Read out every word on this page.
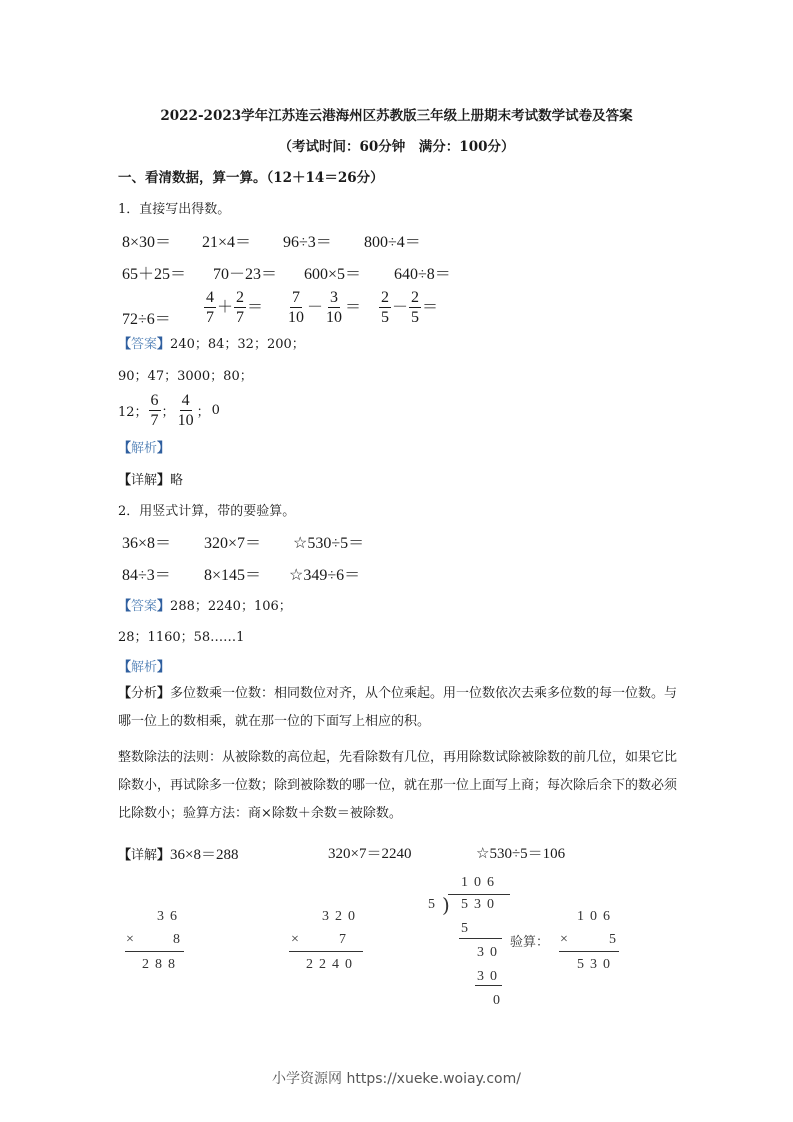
2022-2023学年江苏连云港海州区苏教版三年级上册期末考试数学试卷及答案
（考试时间：60分钟　满分：100分）
一、看清数据，算一算。（12＋14＝26分）
1．直接写出得数。
8×30＝ 21×4＝ 96÷3＝ 800÷4＝
65＋25＝ 70－23＝ 600×5＝ 640÷8＝
$72\div 6= \frac{4}{7} + \frac{2}{7} = \frac{7}{10} - \frac{3}{10} = \frac{2}{5} - \frac{2}{5}$ ＝
【答案】240；84；32；200；
90；47；3000；80；
12； $\frac{6}{7}$ ； $\frac{4}{10}$ ； 0
【解析】
【详解】略
2．用竖式计算，带的要验算。
36×8＝ 320×7＝ ☆530÷5＝
84÷3＝ 8×145＝ ☆349÷6＝
【答案】288；2240；106；
28；1160；58……1
【解析】
【分析】多位数乘一位数：相同数位对齐，从个位乘起。用一位数依次去乘多位数的每一位数。与哪一位上的数相乘，就在那一位的下面写上相应的积。
整数除法的法则：从被除数的高位起，先看除数有几位，再用除数试除被除数的前几位，如果它比除数小，再试除多一位数；除到被除数的哪一位，就在那一位上面写上商；每次除后余下的数必须比除数小；验算方法：商×除数＋余数＝被除数。
【详解】36×8＝288	320×7＝2240	☆530÷5＝106
36
× 8
288
320
× 7
2240
106
5 ) 530
5
30
30
0
验算：
106
×	5
530
小学资源网 https://xueke.woiay.com/
